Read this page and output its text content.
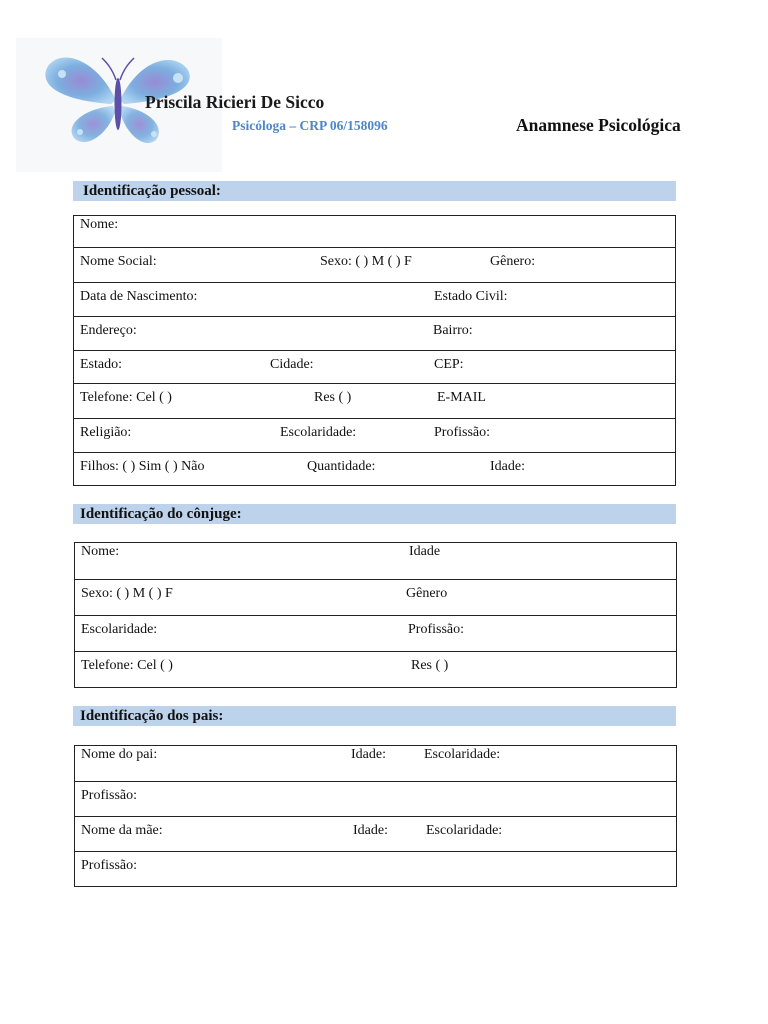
Priscila Ricieri De Sicco
Psicóloga – CRP 06/158096	Anamnese Psicológica
Identificação pessoal:
Nome:
Nome Social:	Sexo: ( ) M ( ) F	Gênero:
Data de Nascimento:	Estado Civil:
Endereço:	Bairro:
Estado:	Cidade:	CEP:
Telefone: Cel ( )	Res ( )	E-MAIL
Religião:	Escolaridade:	Profissão:
Filhos: ( ) Sim ( ) Não	Quantidade:	Idade:
Identificação do cônjuge:
Nome:	Idade
Sexo: ( ) M ( ) F	Gênero
Escolaridade:	Profissão:
Telefone: Cel ( )	Res ( )
Identificação dos pais:
Nome do pai:	Idade:	Escolaridade:
Profissão:
Nome da mãe:	Idade:	Escolaridade:
Profissão:
